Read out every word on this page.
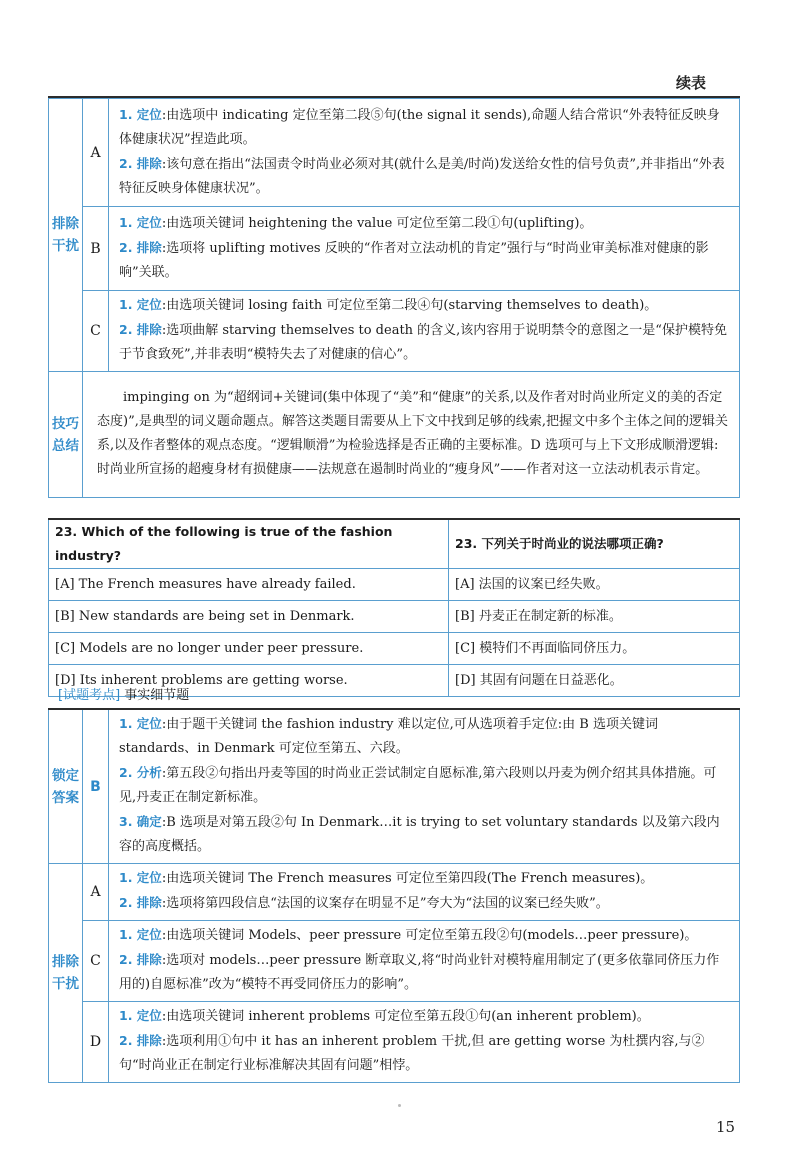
续表
排除干扰	A	1. 定位:由选项中 indicating 定位至第二段⑤句(the signal it sends),命题人结合常识“外表特征反映身体健康状况”捏造此项。
2. 排除:该句意在指出“法国责令时尚业必须对其(就什么是美/时尚)发送给女性的信号负责”,并非指出“外表特征反映身体健康状况”。

	B	1. 定位:由选项关键词 heightening the value 可定位至第二段①句(uplifting)。
2. 排除:选项将 uplifting motives 反映的“作者对立法动机的肯定”强行与“时尚业审美标准对健康的影响”关联。

	C	1. 定位:由选项关键词 losing faith 可定位至第二段④句(starving themselves to death)。
2. 排除:选项曲解 starving themselves to death 的含义,该内容用于说明禁令的意图之一是“保护模特免于节食致死”,并非表明“模特失去了对健康的信心”。

技巧总结	impinging on 为“超纲词+关键词(集中体现了“美”和“健康”的关系,以及作者对时尚业所定义的美的否定态度)”,是典型的词义题命题点。解答这类题目需要从上下文中找到足够的线索,把握文中多个主体之间的逻辑关系,以及作者整体的观点态度。“逻辑顺滑”为检验选择是否正确的主要标准。D 选项可与上下文形成顺滑逻辑:时尚业所宣扬的超瘦身材有损健康——法规意在遏制时尚业的“瘦身风”——作者对这一立法动机表示肯定。	
23. Which of the following is true of the fashion industry?	23. 下列关于时尚业的说法哪项正确?
[A] The French measures have already failed.	[A] 法国的议案已经失败。
[B] New standards are being set in Denmark.	[B] 丹麦正在制定新的标准。
[C] Models are no longer under peer pressure.	[C] 模特们不再面临同侪压力。
[D] Its inherent problems are getting worse.	[D] 其固有问题在日益恶化。
[试题考点] 事实细节题
锁定答案	B	1. 定位:由于题干关键词 the fashion industry 难以定位,可从选项着手定位:由 B 选项关键词 standards、in Denmark 可定位至第五、六段。
2. 分析:第五段②句指出丹麦等国的时尚业正尝试制定自愿标准,第六段则以丹麦为例介绍其具体措施。可见,丹麦正在制定新标准。
3. 确定:B 选项是对第五段②句 In Denmark…it is trying to set voluntary standards 以及第六段内容的高度概括。

排除干扰	A	1. 定位:由选项关键词 The French measures 可定位至第四段(The French measures)。
2. 排除:选项将第四段信息“法国的议案存在明显不足”夸大为“法国的议案已经失败”。

	C	1. 定位:由选项关键词 Models、peer pressure 可定位至第五段②句(models…peer pressure)。
2. 排除:选项对 models…peer pressure 断章取义,将“时尚业针对模特雇用制定了(更多依靠同侪压力作用的)自愿标准”改为“模特不再受同侪压力的影响”。

	D	1. 定位:由选项关键词 inherent problems 可定位至第五段①句(an inherent problem)。
2. 排除:选项利用①句中 it has an inherent problem 干扰,但 are getting worse 为杜撰内容,与②句“时尚业正在制定行业标准解决其固有问题”相悖。
15
